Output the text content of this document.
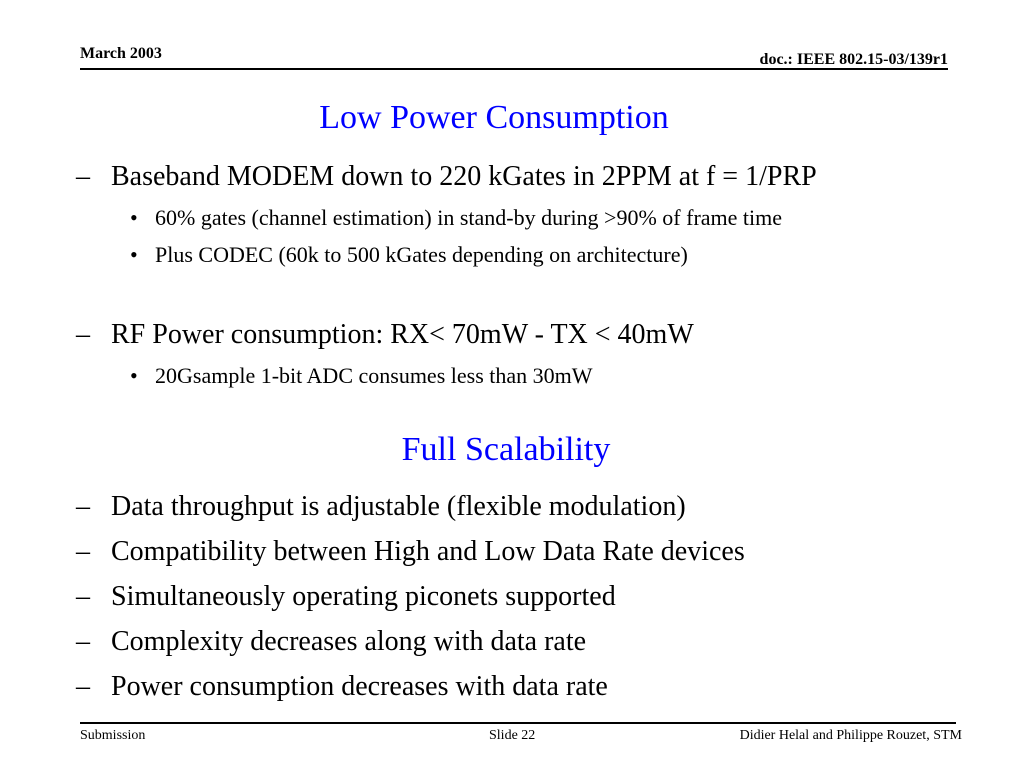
March 2003	doc.: IEEE 802.15-03/139r1
Low Power Consumption
– Baseband MODEM down to 220 kGates in 2PPM at f = 1/PRP
• 60% gates (channel estimation) in stand-by during >90% of frame time
• Plus CODEC (60k to 500 kGates depending on architecture)
– RF Power consumption: RX< 70mW - TX < 40mW
• 20Gsample 1-bit ADC consumes less than 30mW
Full Scalability
– Data throughput is adjustable (flexible modulation)
– Compatibility between High and Low Data Rate devices
– Simultaneously operating piconets supported
– Complexity decreases along with data rate
– Power consumption decreases with data rate
Submission	Slide 22	Didier Helal and Philippe Rouzet, STM
